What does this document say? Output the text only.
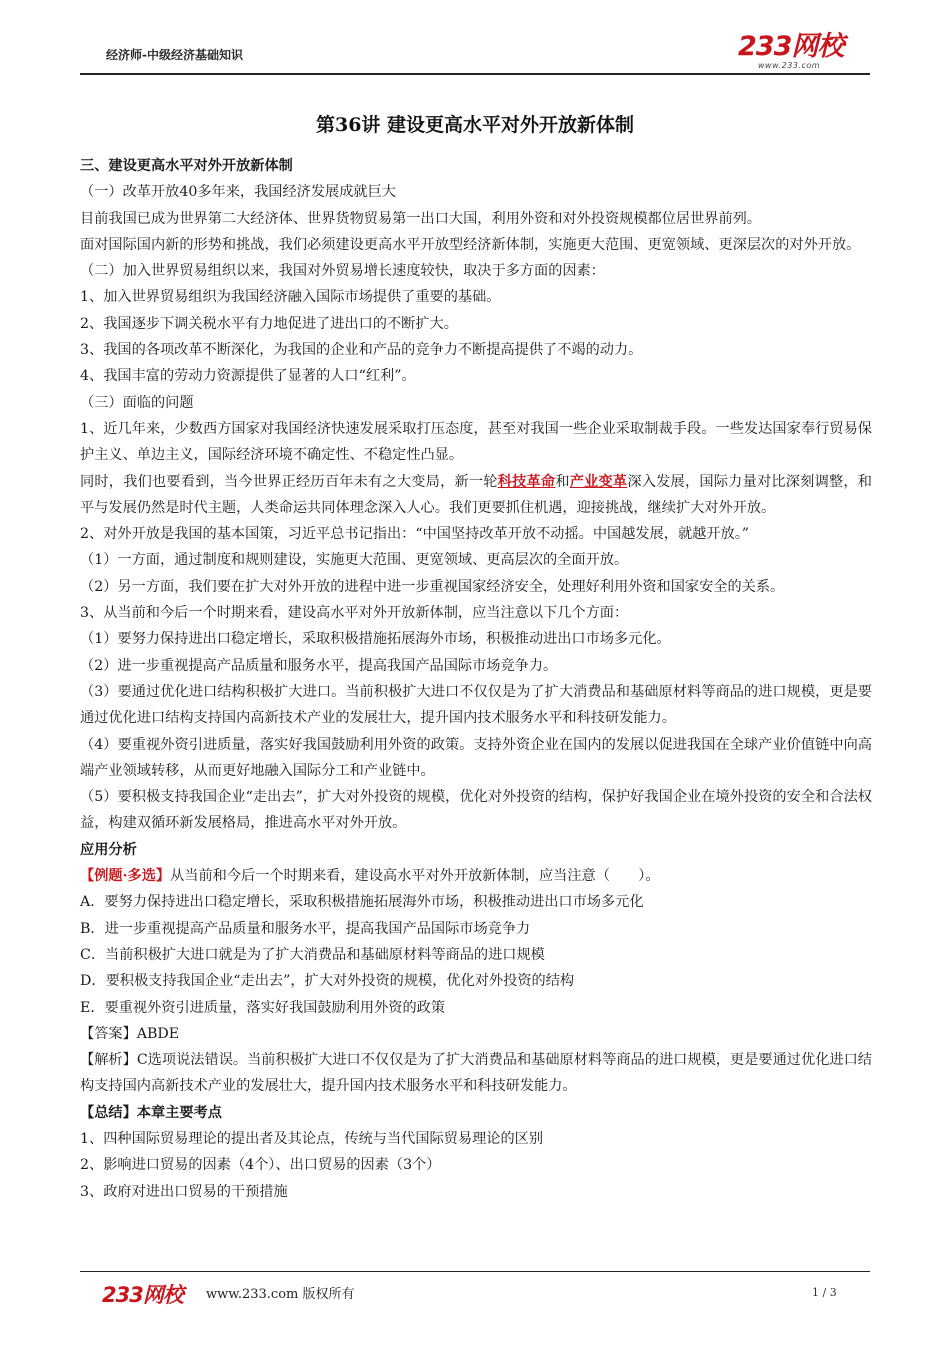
经济师-中级经济基础知识	233网校
www.233.com
第36讲 建设更高水平对外开放新体制

三、建设更高水平对外开放新体制

（一）改革开放40多年来，我国经济发展成就巨大

目前我国已成为世界第二大经济体、世界货物贸易第一出口大国，利用外资和对外投资规模都位居世界前列。

面对国际国内新的形势和挑战，我们必须建设更高水平开放型经济新体制，实施更大范围、更宽领域、更深层次的对外开放。

（二）加入世界贸易组织以来，我国对外贸易增长速度较快，取决于多方面的因素：

1、加入世界贸易组织为我国经济融入国际市场提供了重要的基础。

2、我国逐步下调关税水平有力地促进了进出口的不断扩大。

3、我国的各项改革不断深化，为我国的企业和产品的竞争力不断提高提供了不竭的动力。

4、我国丰富的劳动力资源提供了显著的人口“红利”。

（三）面临的问题

1、近几年来，少数西方国家对我国经济快速发展采取打压态度，甚至对我国一些企业采取制裁手段。一些发达国家奉行贸易保护主义、单边主义，国际经济环境不确定性、不稳定性凸显。

同时，我们也要看到，当今世界正经历百年未有之大变局，新一轮科技革命和产业变革深入发展，国际力量对比深刻调整，和平与发展仍然是时代主题，人类命运共同体理念深入人心。我们更要抓住机遇，迎接挑战，继续扩大对外开放。

2、对外开放是我国的基本国策，习近平总书记指出：“中国坚持改革开放不动摇。中国越发展，就越开放。”

（1）一方面，通过制度和规则建设，实施更大范围、更宽领域、更高层次的全面开放。

（2）另一方面，我们要在扩大对外开放的进程中进一步重视国家经济安全，处理好利用外资和国家安全的关系。

3、从当前和今后一个时期来看，建设高水平对外开放新体制，应当注意以下几个方面：

（1）要努力保持进出口稳定增长，采取积极措施拓展海外市场，积极推动进出口市场多元化。

（2）进一步重视提高产品质量和服务水平，提高我国产品国际市场竞争力。

（3）要通过优化进口结构积极扩大进口。当前积极扩大进口不仅仅是为了扩大消费品和基础原材料等商品的进口规模，更是要通过优化进口结构支持国内高新技术产业的发展壮大，提升国内技术服务水平和科技研发能力。

（4）要重视外资引进质量，落实好我国鼓励利用外资的政策。支持外资企业在国内的发展以促进我国在全球产业价值链中向高端产业领域转移，从而更好地融入国际分工和产业链中。

（5）要积极支持我国企业“走出去”，扩大对外投资的规模，优化对外投资的结构，保护好我国企业在境外投资的安全和合法权益，构建双循环新发展格局，推进高水平对外开放。

应用分析

【例题·多选】从当前和今后一个时期来看，建设高水平对外开放新体制，应当注意（　　）。

A．要努力保持进出口稳定增长，采取积极措施拓展海外市场，积极推动进出口市场多元化

B．进一步重视提高产品质量和服务水平，提高我国产品国际市场竞争力

C．当前积极扩大进口就是为了扩大消费品和基础原材料等商品的进口规模

D．要积极支持我国企业“走出去”，扩大对外投资的规模，优化对外投资的结构

E．要重视外资引进质量，落实好我国鼓励利用外资的政策

【答案】ABDE

【解析】C选项说法错误。当前积极扩大进口不仅仅是为了扩大消费品和基础原材料等商品的进口规模，更是要通过优化进口结构支持国内高新技术产业的发展壮大，提升国内技术服务水平和科技研发能力。

【总结】本章主要考点

1、四种国际贸易理论的提出者及其论点，传统与当代国际贸易理论的区别

2、影响进口贸易的因素（4个）、出口贸易的因素（3个）

3、政府对进出口贸易的干预措施

233网校 www.233.com 版权所有	1 / 3
